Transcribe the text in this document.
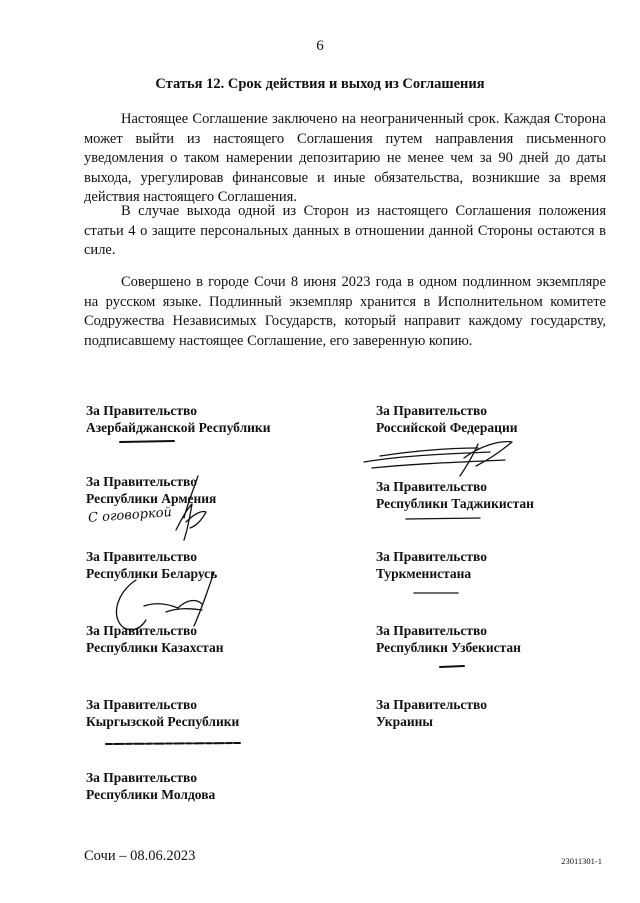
6
Статья 12. Срок действия и выход из Соглашения

Настоящее Соглашение заключено на неограниченный срок. Каждая Сторона может выйти из настоящего Соглашения путем направления письменного уведомления о таком намерении депозитарию не менее чем за 90 дней до даты выхода, урегулировав финансовые и иные обязательства, возникшие за время действия настоящего Соглашения.

В случае выхода одной из Сторон из настоящего Соглашения положения статьи 4 о защите персональных данных в отношении данной Стороны остаются в силе.

Совершено в городе Сочи 8 июня 2023 года в одном подлинном экземпляре на русском языке. Подлинный экземпляр хранится в Исполнительном комитете Содружества Независимых Государств, который направит каждому государству, подписавшему настоящее Соглашение, его заверенную копию.

За Правительство
Азербайджанской Республики
За Правительство
Республики Армения
За Правительство
Республики Беларусь
За Правительство
Республики Казахстан
За Правительство
Кыргызской Республики
За Правительство
Республики Молдова
За Правительство
Российской Федерации
За Правительство
Республики Таджикистан
За Правительство
Туркменистана
За Правительство
Республики Узбекистан
За Правительство
Украины
С оговоркой
Сочи – 08.06.2023	23011301-1
